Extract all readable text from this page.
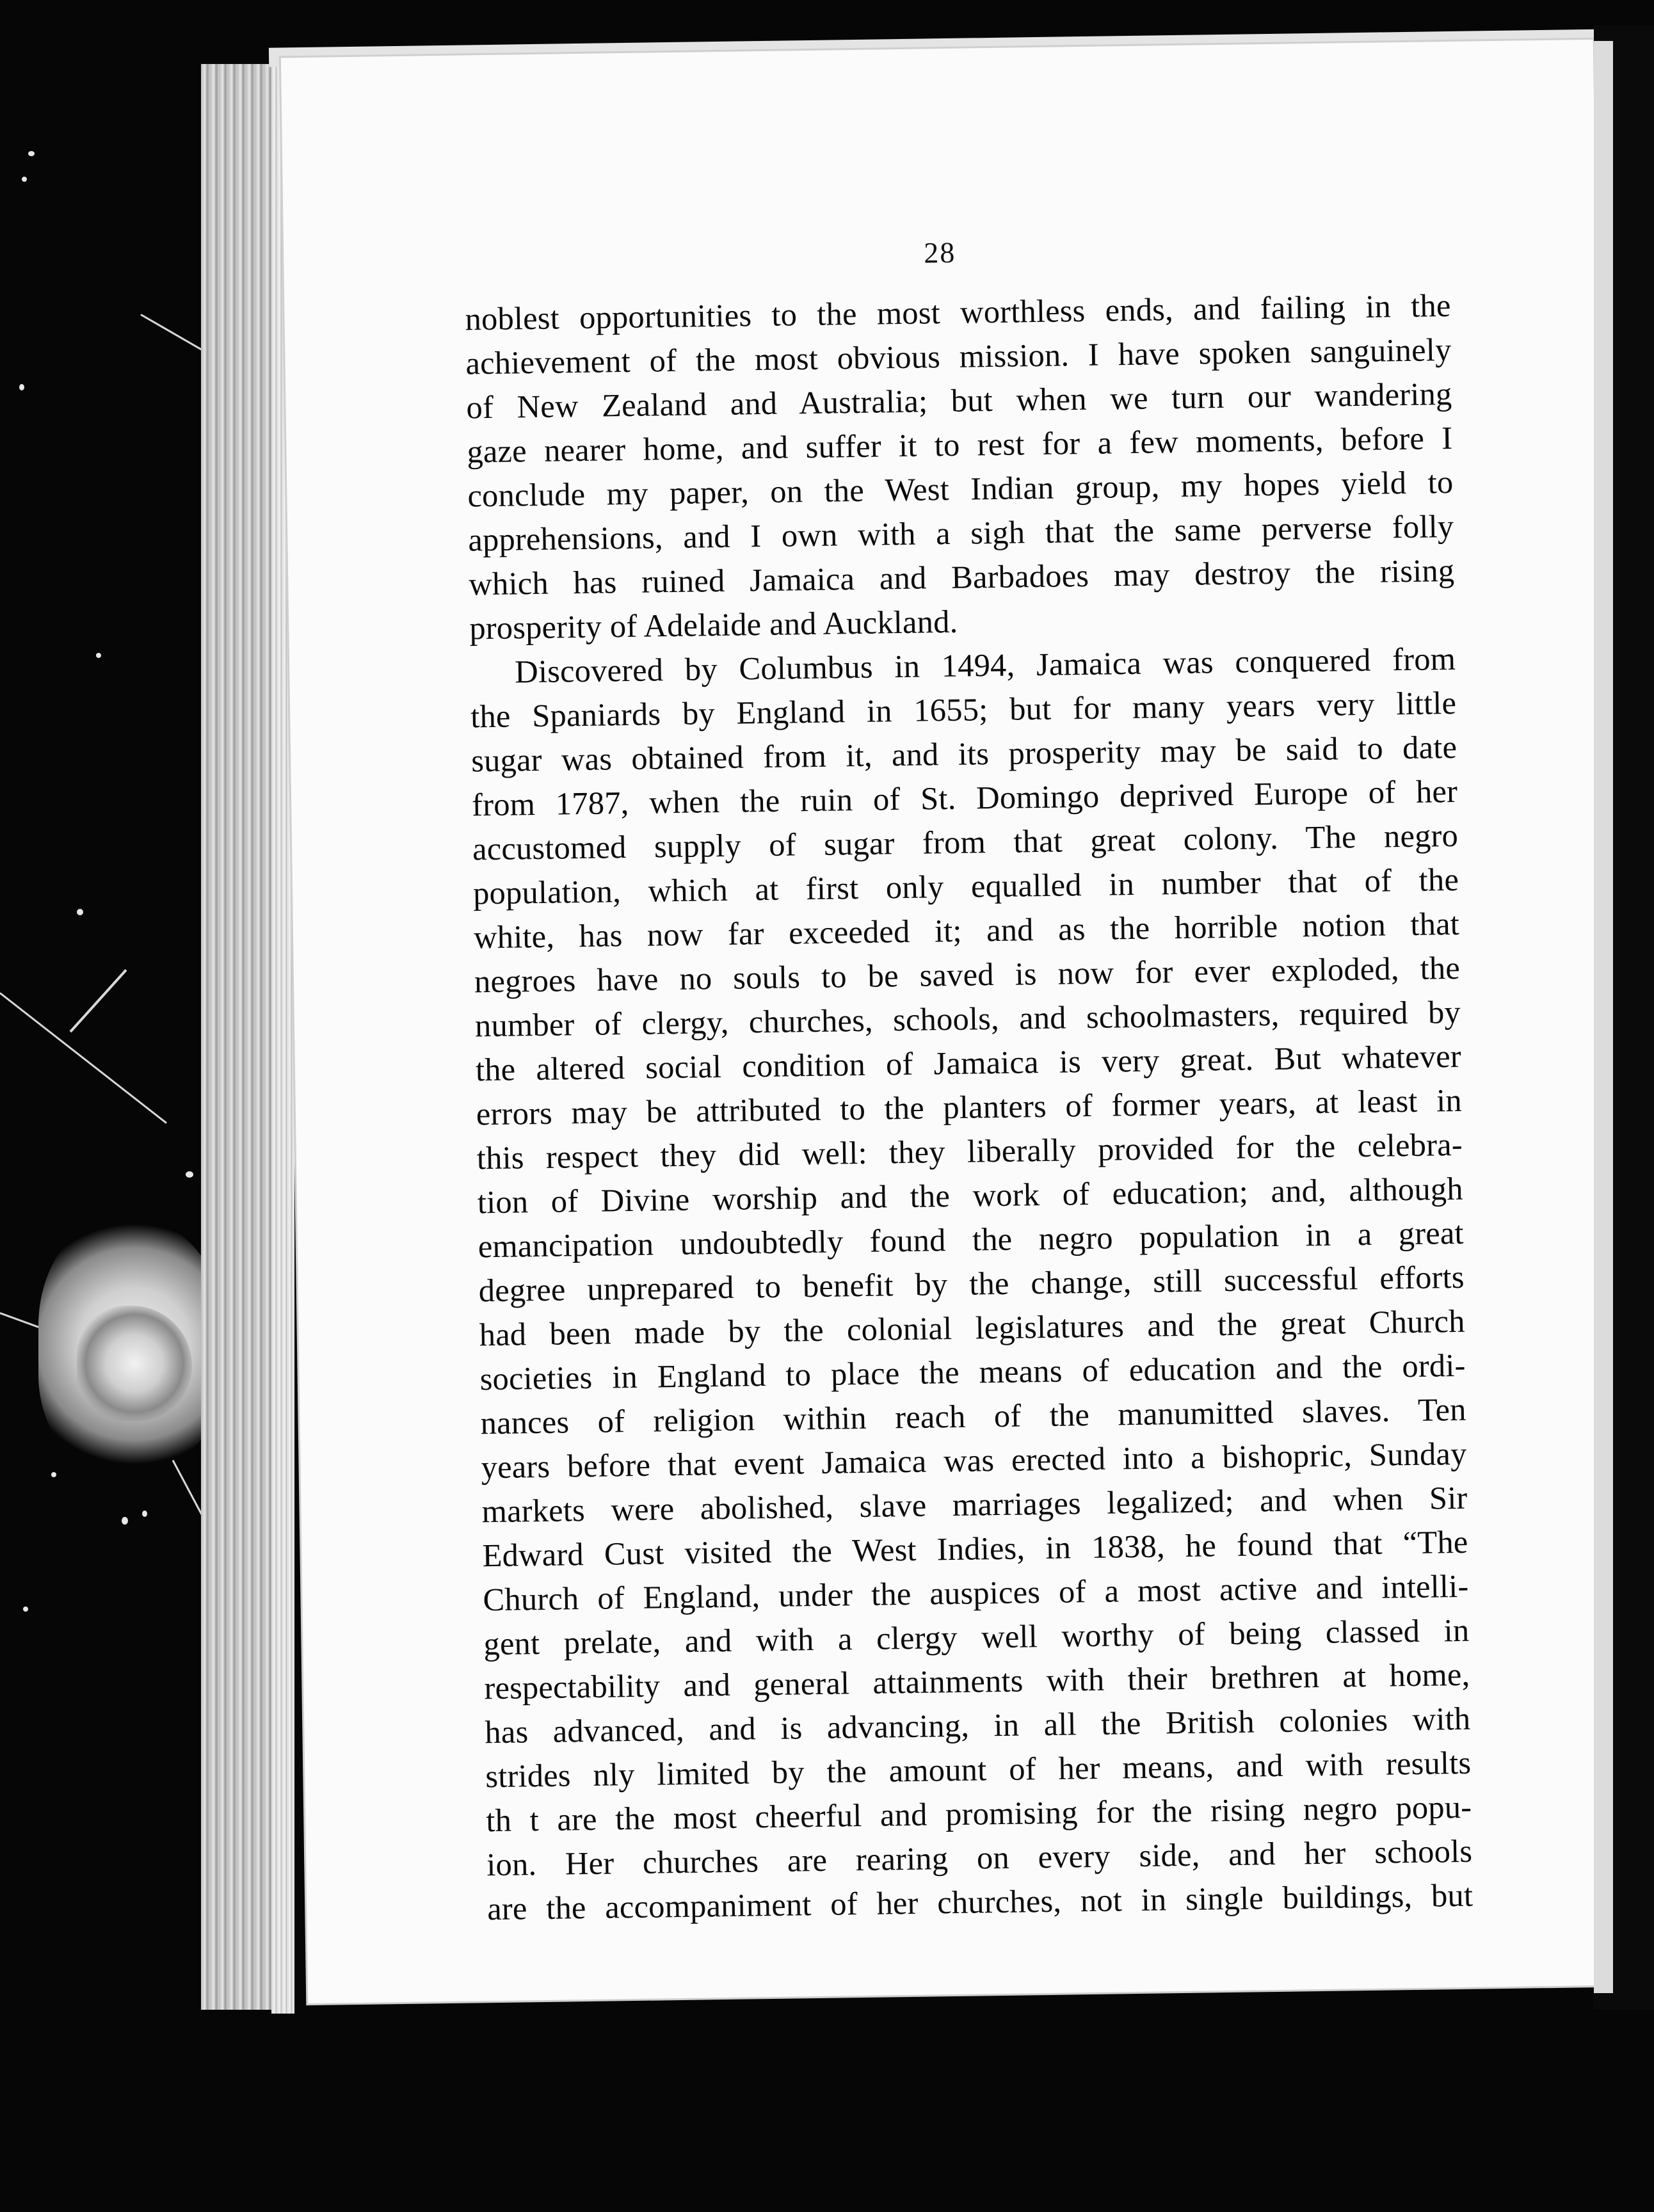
28
noblest opportunities to the most worthless ends, and failing in the
achievement of the most obvious mission. I have spoken sanguinely
of New Zealand and Australia; but when we turn our wandering
gaze nearer home, and suffer it to rest for a few moments, before I
conclude my paper, on the West Indian group, my hopes yield to
apprehensions, and I own with a sigh that the same perverse folly
which has ruined Jamaica and Barbadoes may destroy the rising
prosperity of Adelaide and Auckland.
Discovered by Columbus in 1494, Jamaica was conquered from
the Spaniards by England in 1655; but for many years very little
sugar was obtained from it, and its prosperity may be said to date
from 1787, when the ruin of St. Domingo deprived Europe of her
accustomed supply of sugar from that great colony. The negro
population, which at first only equalled in number that of the
white, has now far exceeded it; and as the horrible notion that
negroes have no souls to be saved is now for ever exploded, the
number of clergy, churches, schools, and schoolmasters, required by
the altered social condition of Jamaica is very great. But whatever
errors may be attributed to the planters of former years, at least in
this respect they did well: they liberally provided for the celebra-
tion of Divine worship and the work of education; and, although
emancipation undoubtedly found the negro population in a great
degree unprepared to benefit by the change, still successful efforts
had been made by the colonial legislatures and the great Church
societies in England to place the means of education and the ordi-
nances of religion within reach of the manumitted slaves. Ten
years before that event Jamaica was erected into a bishopric, Sunday
markets were abolished, slave marriages legalized; and when Sir
Edward Cust visited the West Indies, in 1838, he found that “The
Church of England, under the auspices of a most active and intelli-
gent prelate, and with a clergy well worthy of being classed in
respectability and general attainments with their brethren at home,
has advanced, and is advancing, in all the British colonies with
strides nly limited by the amount of her means, and with results
th t are the most cheerful and promising for the rising negro popu-
ion. Her churches are rearing on every side, and her schools
are the accompaniment of her churches, not in single buildings, but
